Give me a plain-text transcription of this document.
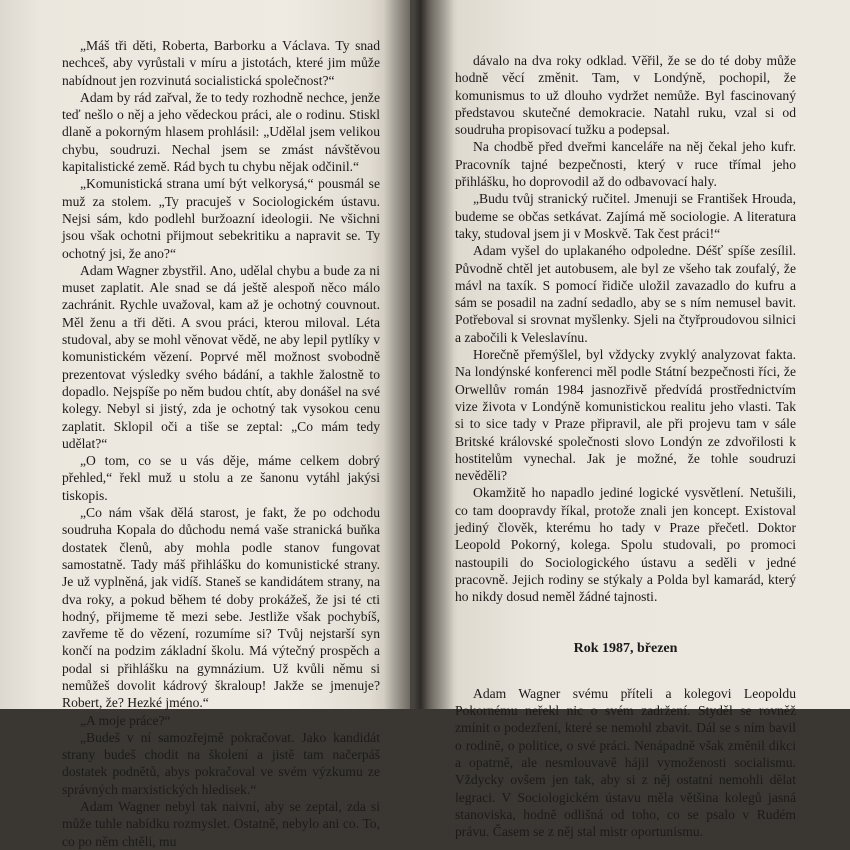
„Máš tři děti, Roberta, Barborku a Václava. Ty snad nechceš, aby vyrůstali v míru a jistotách, které jim může nabídnout jen rozvinutá socialistická společnost?“

Adam by rád zařval, že to tedy rozhodně nechce, jenže teď nešlo o něj a jeho vědeckou práci, ale o rodinu. Stiskl dlaně a pokorným hlasem prohlásil: „Udělal jsem velikou chybu, soudruzi. Nechal jsem se zmást návštěvou kapitalistické země. Rád bych tu chybu nějak odčinil.“

„Komunistická strana umí být velkorysá,“ pousmál se muž za stolem. „Ty pracuješ v Sociologickém ústavu. Nejsi sám, kdo podlehl buržoazní ideologii. Ne všichni jsou však ochotni přijmout sebekritiku a napravit se. Ty ochotný jsi, že ano?“

Adam Wagner zbystřil. Ano, udělal chybu a bude za ni muset zaplatit. Ale snad se dá ještě alespoň něco málo zachránit. Rychle uvažoval, kam až je ochotný couvnout. Měl ženu a tři děti. A svou práci, kterou miloval. Léta studoval, aby se mohl věnovat vědě, ne aby lepil pytlíky v komunistickém vězení. Poprvé měl možnost svobodně prezentovat výsledky svého bádání, a takhle žalostně to dopadlo. Nejspíše po něm budou chtít, aby donášel na své kolegy. Nebyl si jistý, zda je ochotný tak vysokou cenu zaplatit. Sklopil oči a tiše se zeptal: „Co mám tedy udělat?“

„O tom, co se u vás děje, máme celkem dobrý přehled,“ řekl muž u stolu a ze šanonu vytáhl jakýsi tiskopis.

„Co nám však dělá starost, je fakt, že po odchodu soudruha Kopala do důchodu nemá vaše stranická buňka dostatek členů, aby mohla podle stanov fungovat samostatně. Tady máš přihlášku do komunistické strany. Je už vyplněná, jak vidíš. Staneš se kandidátem strany, na dva roky, a pokud během té doby prokážeš, že jsi té cti hodný, přijmeme tě mezi sebe. Jestliže však pochybíš, zavřeme tě do vězení, rozumíme si? Tvůj nejstarší syn končí na podzim základní školu. Má výtečný prospěch a podal si přihlášku na gymnázium. Už kvůli němu si nemůžeš dovolit kádrový škraloup! Jakže se jmenuje? Robert, že? Hezké jméno.“

„A moje práce?“

„Budeš v ní samozřejmě pokračovat. Jako kandidát strany budeš chodit na školení a jistě tam načerpáš dostatek podnětů, abys pokračoval ve svém výzkumu ze správných marxistických hledisek.“

Adam Wagner nebyl tak naivní, aby se zeptal, zda si může tuhle nabídku rozmyslet. Ostatně, nebylo ani co. To, co po něm chtěli, mu

dávalo na dva roky odklad. Věřil, že se do té doby může hodně věcí změnit. Tam, v Londýně, pochopil, že komunismus to už dlouho vydržet nemůže. Byl fascinovaný představou skutečné demokracie. Natahl ruku, vzal si od soudruha propisovací tužku a podepsal.

Na chodbě před dveřmi kanceláře na něj čekal jeho kufr. Pracovník tajné bezpečnosti, který v ruce třímal jeho přihlášku, ho doprovodil až do odbavovací haly.

„Budu tvůj stranický ručitel. Jmenuji se František Hrouda, budeme se občas setkávat. Zajímá mě sociologie. A literatura taky, studoval jsem ji v Moskvě. Tak čest práci!“

Adam vyšel do uplakaného odpoledne. Déšť spíše zesílil. Původně chtěl jet autobusem, ale byl ze všeho tak zoufalý, že mávl na taxík. S pomocí řidiče uložil zavazadlo do kufru a sám se posadil na zadní sedadlo, aby se s ním nemusel bavit. Potřeboval si srovnat myšlenky. Sjeli na čtyřproudovou silnici a zabočili k Veleslavínu.

Horečně přemýšlel, byl vždycky zvyklý analyzovat fakta. Na londýnské konferenci měl podle Státní bezpečnosti říci, že Orwellův román 1984 jasnozřivě předvídá prostřednictvím vize života v Londýně komunistickou realitu jeho vlasti. Tak si to sice tady v Praze připravil, ale při projevu tam v sále Britské královské společnosti slovo Londýn ze zdvořilosti k hostitelům vynechal. Jak je možné, že tohle soudruzi nevěděli?

Okamžitě ho napadlo jediné logické vysvětlení. Netušili, co tam doopravdy říkal, protože znali jen koncept. Existoval jediný člověk, kterému ho tady v Praze přečetl. Doktor Leopold Pokorný, kolega. Spolu studovali, po promoci nastoupili do Sociologického ústavu a seděli v jedné pracovně. Jejich rodiny se stýkaly a Polda byl kamarád, který ho nikdy dosud neměl žádné tajnosti.

Rok 1987, březen

Adam Wagner svému příteli a kolegovi Leopoldu Pokornému neřekl nic o svém zadržení. Styděl se rovněž zmínit o podezření, které se nemohl zbavit. Dál se s ním bavil o rodině, o politice, o své práci. Nenápadně však změnil dikci a opatrně, ale nesmlouvavě hájil vymoženosti socialismu. Vždycky ovšem jen tak, aby si z něj ostatní nemohli dělat legraci. V Sociologickém ústavu měla většina kolegů jasná stanoviska, hodně odlišná od toho, co se psalo v Rudém právu. Časem se z něj stal mistr oportunismu.
